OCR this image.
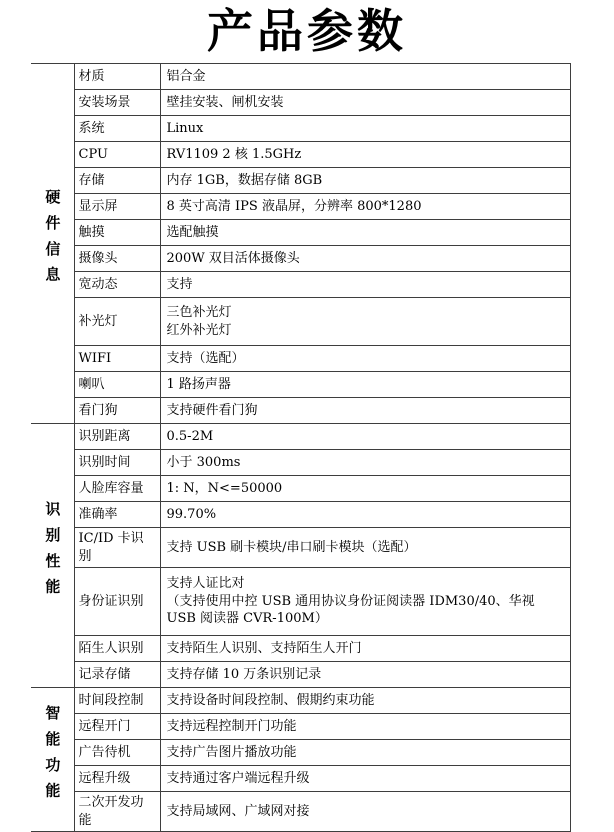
产品参数
硬件信息	材质	铝合金
	安装场景	壁挂安装、闸机安装
	系统	Linux
	CPU	RV1109 2 核 1.5GHz
	存储	内存 1GB，数据存储 8GB
	显示屏	8 英寸高清 IPS 液晶屏，分辨率 800*1280
	触摸	选配触摸
	摄像头	200W 双目活体摄像头
	宽动态	支持
	补光灯	三色补光灯
红外补光灯

	WIFI	支持（选配）
	喇叭	1 路扬声器
	看门狗	支持硬件看门狗
识别性能	识别距离	0.5-2M
	识别时间	小于 300ms
	人脸库容量	1: N，N<=50000
	准确率	99.70%
	IC/ID 卡识别	支持 USB 刷卡模块/串口刷卡模块（选配）
	身份证识别	支持人证比对
（支持使用中控 USB 通用协议身份证阅读器 IDM30/40、华视 USB 阅读器 CVR-100M）

	陌生人识别	支持陌生人识别、支持陌生人开门
	记录存储	支持存储 10 万条识别记录
智能功能	时间段控制	支持设备时间段控制、假期约束功能
	远程开门	支持远程控制开门功能
	广告待机	支持广告图片播放功能
	远程升级	支持通过客户端远程升级
	二次开发功能	支持局域网、广域网对接
